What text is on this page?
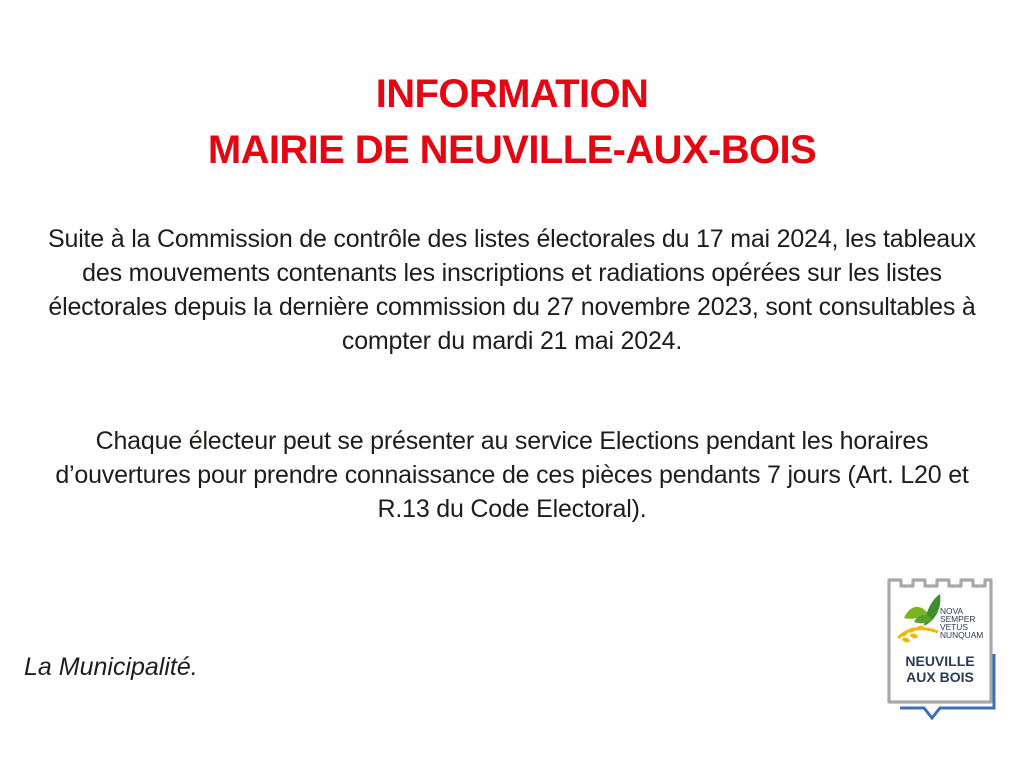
INFORMATION
MAIRIE DE NEUVILLE-AUX-BOIS

Suite à la Commission de contrôle des listes électorales du 17 mai 2024, les tableaux des mouvements contenants les inscriptions et radiations opérées sur les listes électorales depuis la dernière commission du 27 novembre 2023, sont consultables à compter du mardi 21 mai 2024.

Chaque électeur peut se présenter au service Elections pendant les horaires d’ouvertures pour prendre connaissance de ces pièces pendants 7 jours (Art. L20 et R.13 du Code Electoral).

La Municipalité.

NOVA
SEMPER
VETUS
NUNQUAM
NEUVILLE
AUX BOIS
